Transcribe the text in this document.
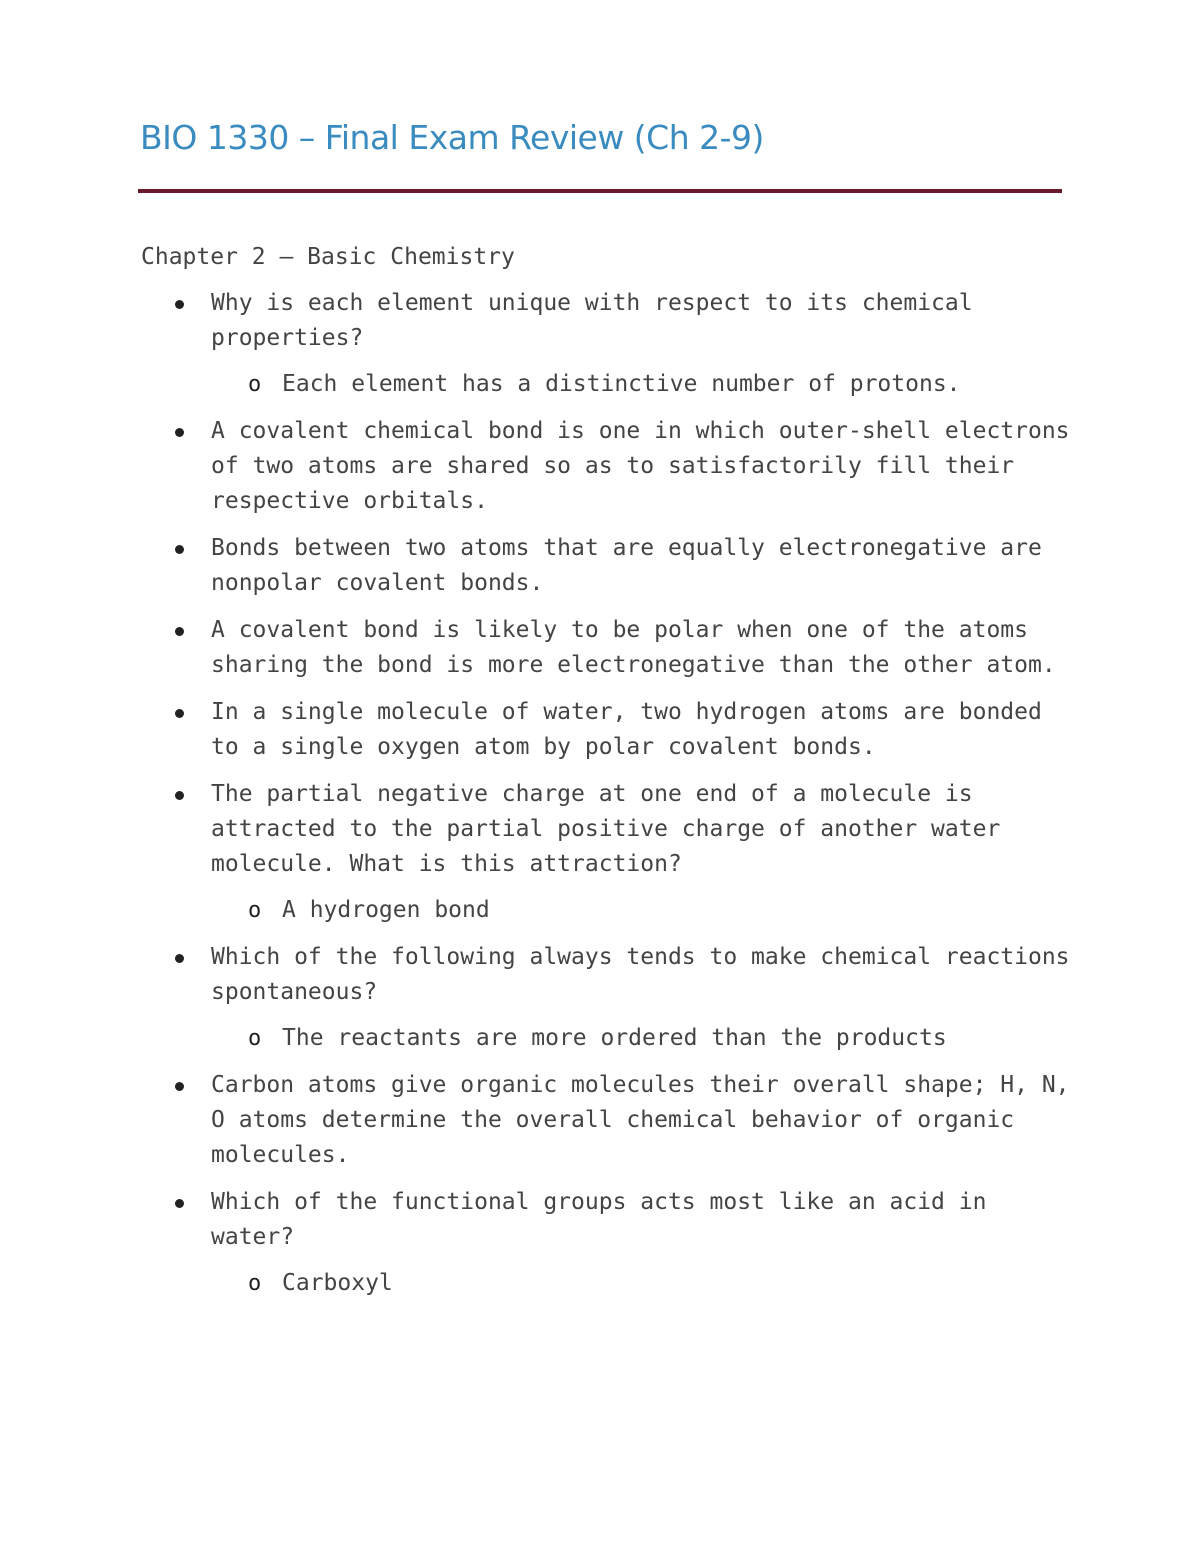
BIO 1330 – Final Exam Review (Ch 2-9)

Chapter 2 – Basic Chemistry

Why is each element unique with respect to its chemical properties?
o Each element has a distinctive number of protons.
A covalent chemical bond is one in which outer-shell electrons of two atoms are shared so as to satisfactorily fill their respective orbitals.
Bonds between two atoms that are equally electronegative are nonpolar covalent bonds.
A covalent bond is likely to be polar when one of the atoms sharing the bond is more electronegative than the other atom.
In a single molecule of water, two hydrogen atoms are bonded to a single oxygen atom by polar covalent bonds.
The partial negative charge at one end of a molecule is attracted to the partial positive charge of another water molecule. What is this attraction?
o A hydrogen bond
Which of the following always tends to make chemical reactions spontaneous?
o The reactants are more ordered than the products
Carbon atoms give organic molecules their overall shape; H, N, O atoms determine the overall chemical behavior of organic molecules.
Which of the functional groups acts most like an acid in water?
o Carboxyl
